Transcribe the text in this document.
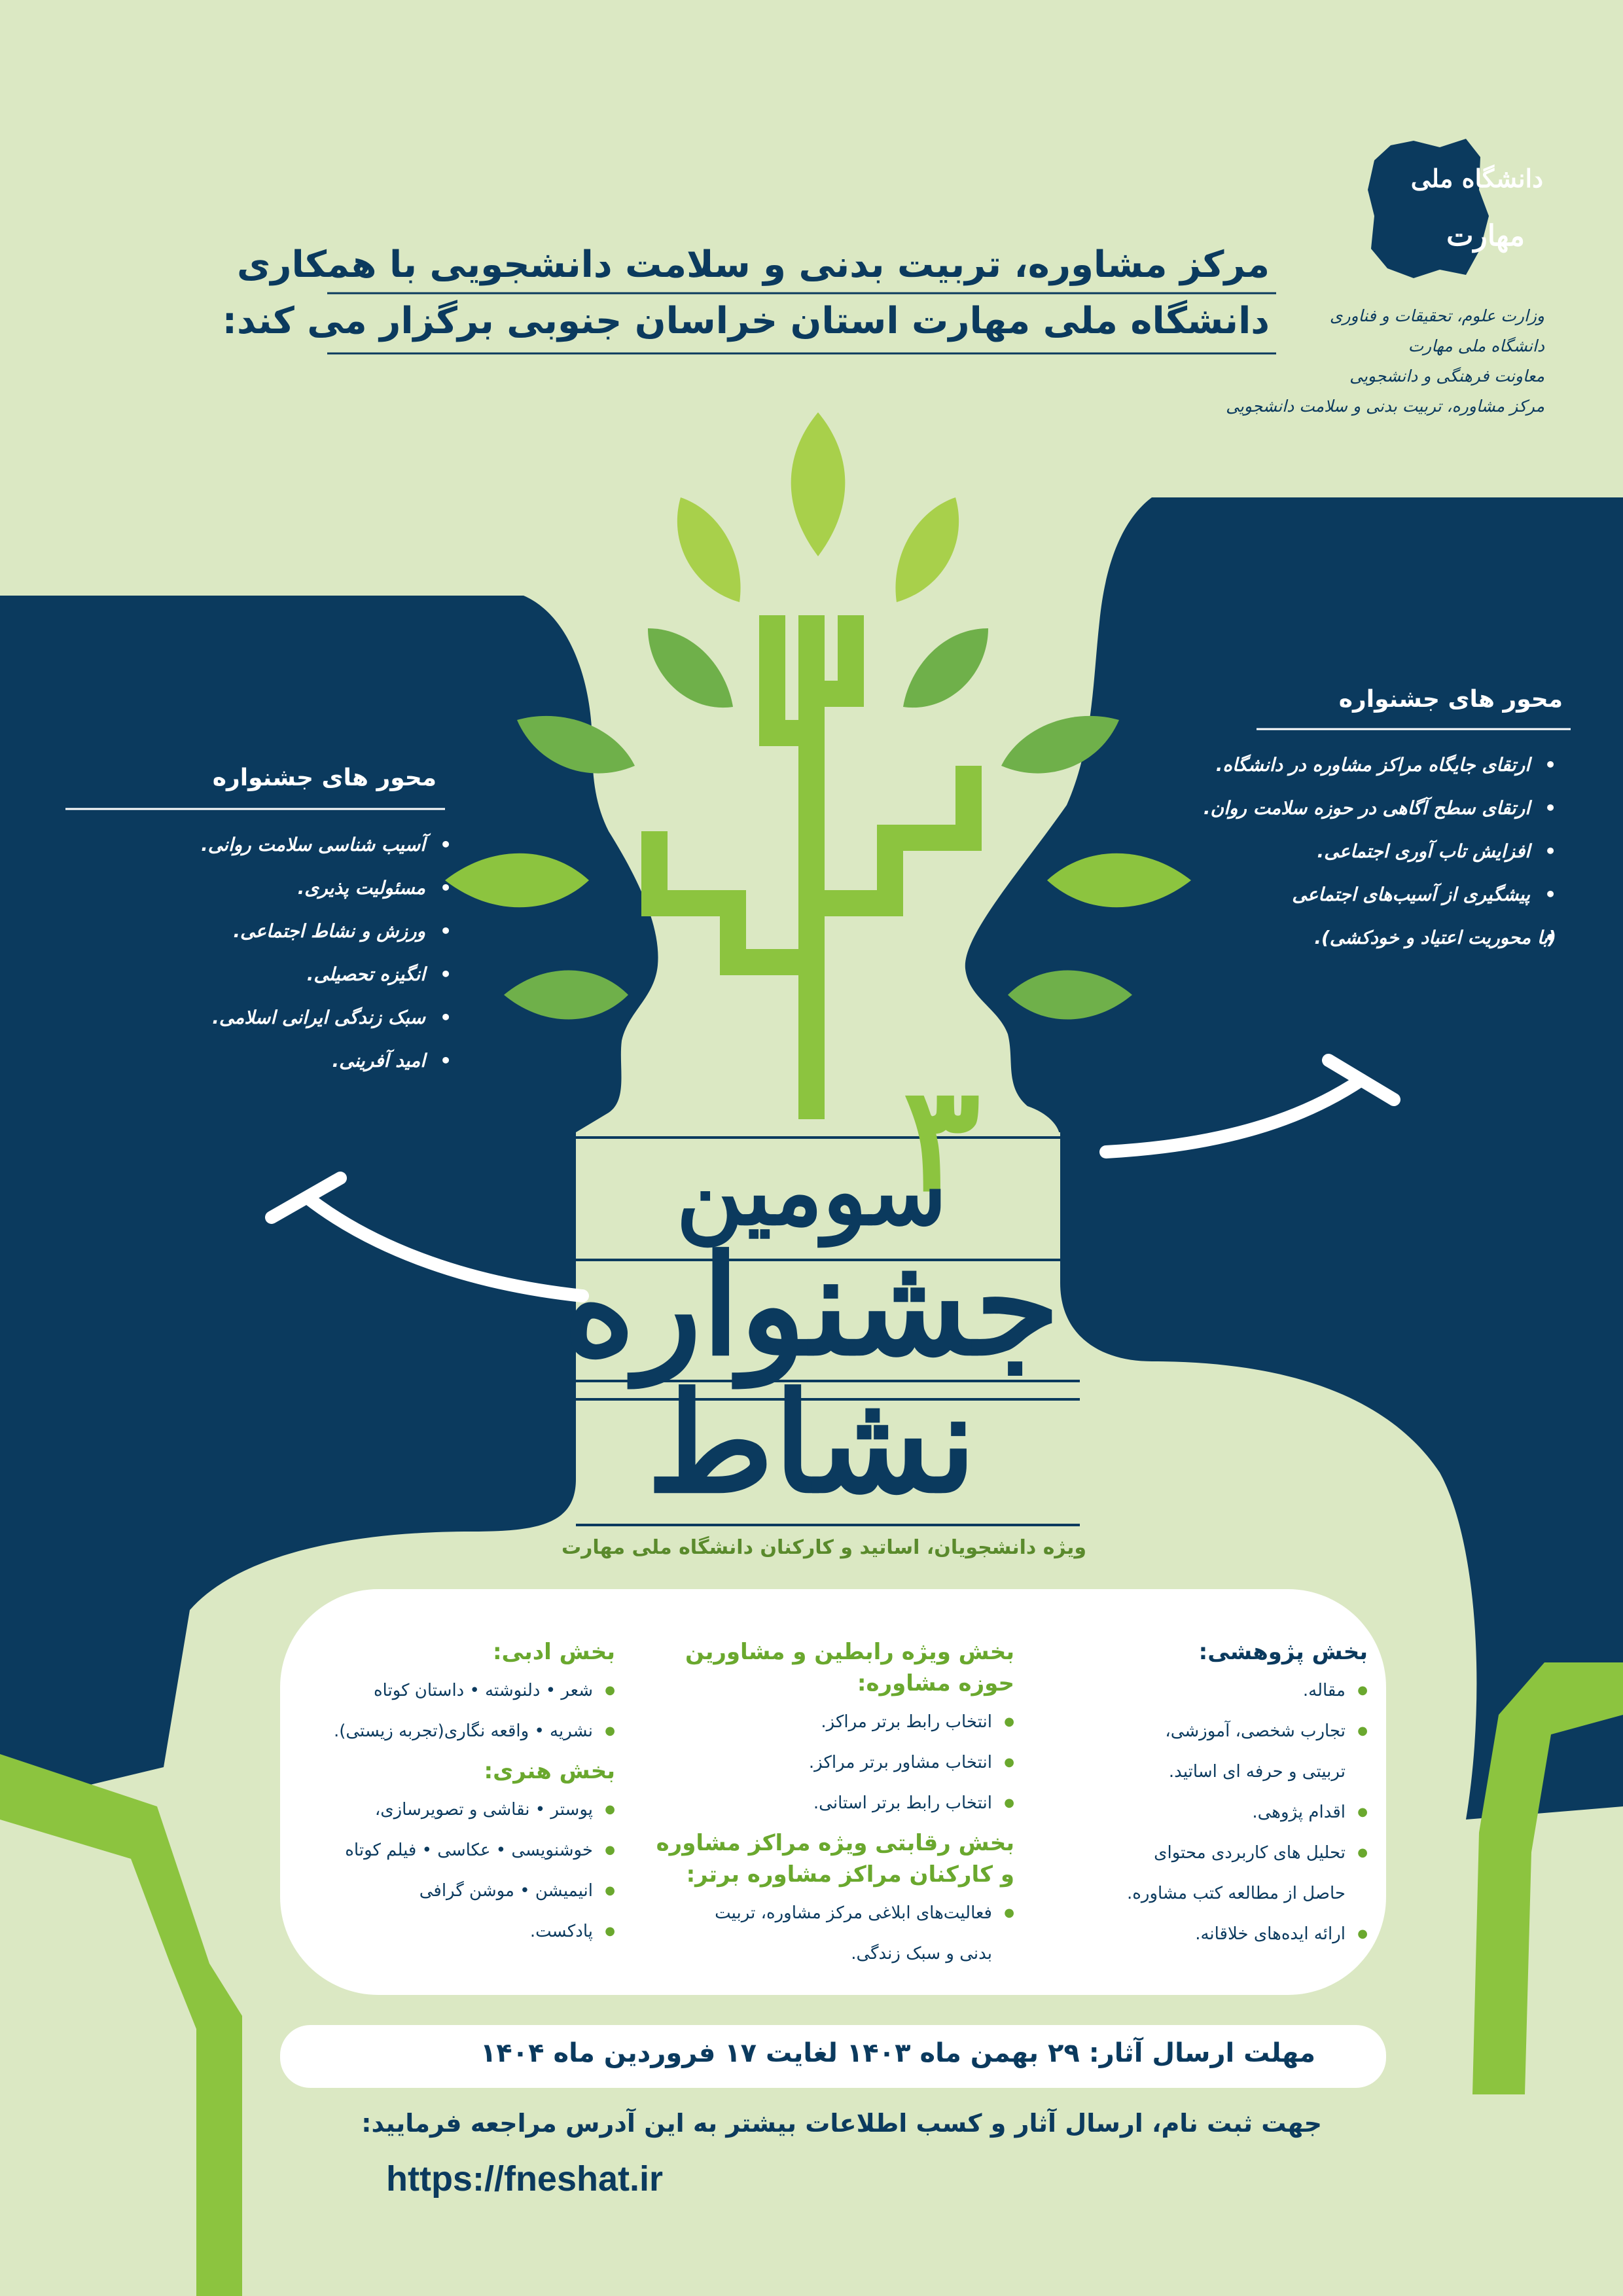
دانشگاه ملی
مهارت
وزارت علوم، تحقیقات و فناوری
دانشگاه ملی مهارت
معاونت فرهنگی و دانشجویی
مرکز مشاوره، تربیت بدنی و سلامت دانشجویی
مرکز مشاوره، تربیت بدنی و سلامت دانشجویی با همکاری
دانشگاه ملی مهارت استان خراسان جنوبی برگزار می کند:
محور های جشنواره
• آسیب شناسی سلامت روانی.
• مسئولیت پذیری.
• ورزش و نشاط اجتماعی.
• انگیزه تحصیلی.
• سبک زندگی ایرانی اسلامی.
• امید آفرینی.
محور های جشنواره
• ارتقای جایگاه مراکز مشاوره در دانشگاه.
• ارتقای سطح آگاهی در حوزه سلامت روان.
• افزایش تاب آوری اجتماعی.
• پیشگیری از آسیب‌های اجتماعی
• (با محوریت اعتیاد و خودکشی).
۳
سومین
جشنواره
نشاط
ویژه دانشجویان، اساتید و کارکنان دانشگاه ملی مهارت
بخش پژوهشی:
● مقاله.
● تجارب شخصی، آموزشی،
تربیتی و حرفه ای اساتید.
● اقدام پژوهی.
● تحلیل های کاربردی محتوای
حاصل از مطالعه کتب مشاوره.
● ارائه ایده‌های خلاقانه.
بخش ویژه رابطین و مشاورین
حوزه مشاوره:
● انتخاب رابط برتر مراکز.
● انتخاب مشاور برتر مراکز.
● انتخاب رابط برتر استانی.
بخش رقابتی ویژه مراکز مشاوره
و کارکنان مراکز مشاوره برتر:
● فعالیت‌های ابلاغی مرکز مشاوره، تربیت
بدنی و سبک زندگی.
بخش ادبی:
● شعر • دلنوشته • داستان کوتاه
● نشریه • واقعه نگاری(تجربه زیستی).
بخش هنری:
● پوستر • نقاشی و تصویرسازی،
● خوشنویسی • عکاسی • فیلم کوتاه
● انیمیشن • موشن گرافی
● پادکست.
مهلت ارسال آثار: ۲۹ بهمن ماه ۱۴۰۳ لغایت ۱۷ فروردین ماه ۱۴۰۴
جهت ثبت نام، ارسال آثار و کسب اطلاعات بیشتر به این آدرس مراجعه فرمایید:
https://fneshat.ir
